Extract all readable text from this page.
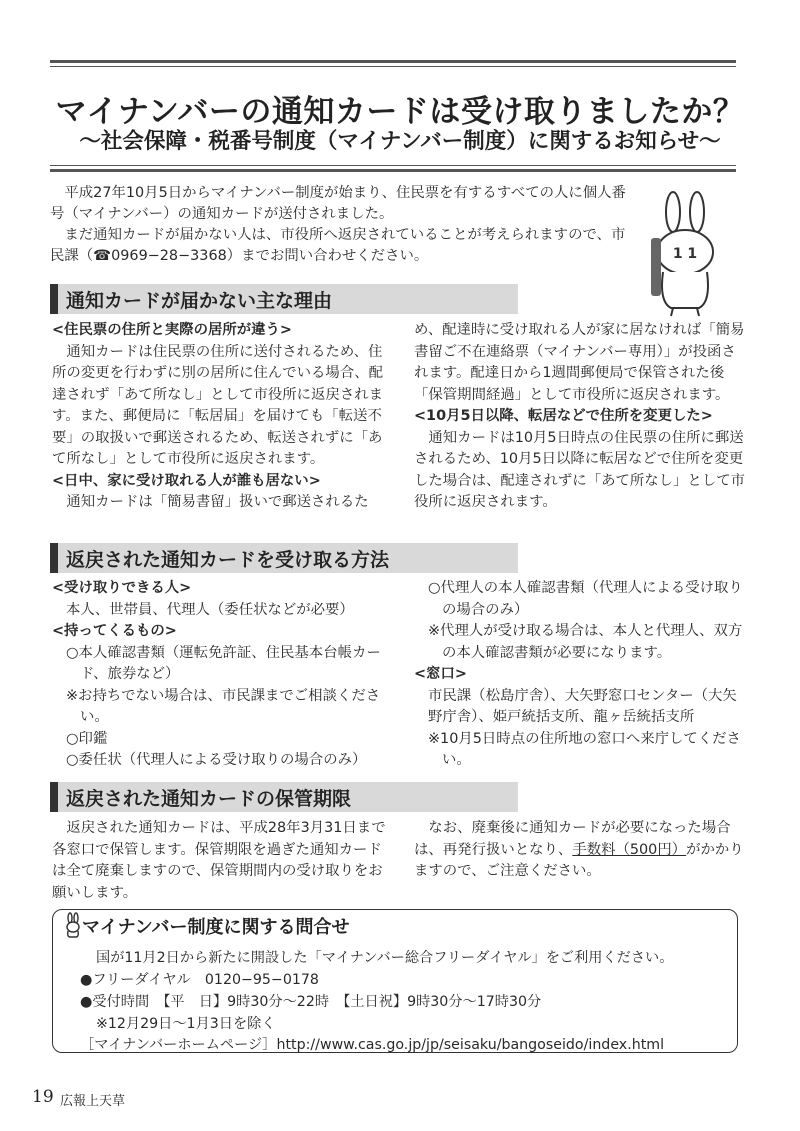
マイナンバーの通知カードは受け取りましたか？
〜社会保障・税番号制度（マイナンバー制度）に関するお知らせ〜

平成27年10月5日からマイナンバー制度が始まり、住民票を有するすべての人に個人番号（マイナンバー）の通知カードが送付されました。

まだ通知カードが届かない人は、市役所へ返戻されていることが考えられますので、市民課（☎0969−28−3368）までお問い合わせください。	1 1
通知カードが届かない主な理由

<住民票の住所と実際の居所が違う>

通知カードは住民票の住所に送付されるため、住所の変更を行わずに別の居所に住んでいる場合、配達されず「あて所なし」として市役所に返戻されます。また、郵便局に「転居届」を届けても「転送不要」の取扱いで郵送されるため、転送されずに「あて所なし」として市役所に返戻されます。

<日中、家に受け取れる人が誰も居ない>

通知カードは「簡易書留」扱いで郵送されるた

め、配達時に受け取れる人が家に居なければ「簡易書留ご不在連絡票（マイナンバー専用）」が投函されます。配達日から1週間郵便局で保管された後「保管期間経過」として市役所に返戻されます。

<10月5日以降、転居などで住所を変更した>

通知カードは10月5日時点の住民票の住所に郵送されるため、10月5日以降に転居などで住所を変更した場合は、配達されずに「あて所なし」として市役所に返戻されます。

返戻された通知カードを受け取る方法

<受け取りできる人>

本人、世帯員、代理人（委任状などが必要）

<持ってくるもの>

○本人確認書類（運転免許証、住民基本台帳カード、旅券など）

※お持ちでない場合は、市民課までご相談ください。

○印鑑

○委任状（代理人による受け取りの場合のみ）

○代理人の本人確認書類（代理人による受け取りの場合のみ）

※代理人が受け取る場合は、本人と代理人、双方の本人確認書類が必要になります。

<窓口>

市民課（松島庁舎）、大矢野窓口センター（大矢野庁舎）、姫戸統括支所、龍ヶ岳統括支所

※10月5日時点の住所地の窓口へ来庁してください。

返戻された通知カードの保管期限

返戻された通知カードは、平成28年3月31日まで各窓口で保管します。保管期限を過ぎた通知カードは全て廃棄しますので、保管期間内の受け取りをお願いします。

なお、廃棄後に通知カードが必要になった場合は、再発行扱いとなり、手数料（500円）がかかりますので、ご注意ください。

マイナンバー制度に関する問合せ
国が11月2日から新たに開設した「マイナンバー総合フリーダイヤル」をご利用ください。
●フリーダイヤル　0120−95−0178
●受付時間　【平　日】9時30分〜22時　【土日祝】9時30分〜17時30分
※12月29日〜1月3日を除く
［マイナンバーホームページ］http://www.cas.go.jp/jp/seisaku/bangoseido/index.html
19 広報上天草
